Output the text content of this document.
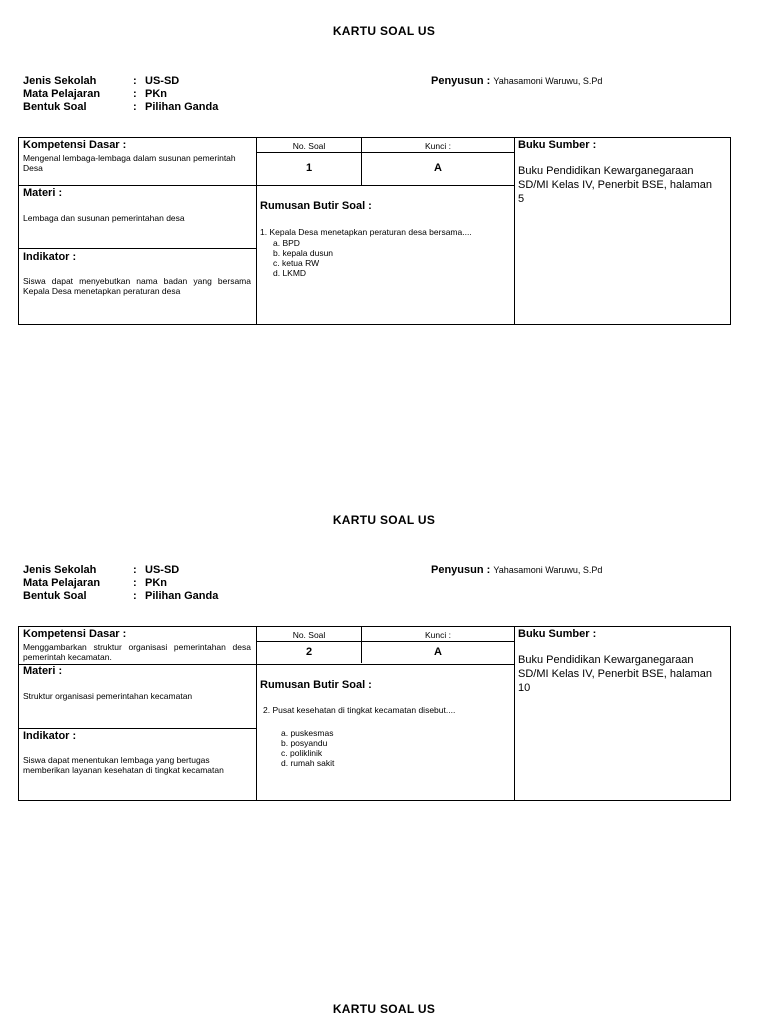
KARTU SOAL US
Jenis Sekolah	: US-SD
Mata Pelajaran	: PKn
Bentuk Soal	: Pilihan Ganda
Penyusun : Yahasamoni Waruwu, S.Pd
Kompetensi Dasar :
Mengenal lembaga-lembaga dalam susunan pemerintah Desa
No. Soal	Kunci :
1	A
Buku Sumber :
Buku Pendidikan Kewarganegaraan SD/MI Kelas IV, Penerbit BSE, halaman 5
Materi :
Lembaga dan susunan pemerintahan desa
Indikator :
Siswa dapat menyebutkan nama badan yang bersama Kepala Desa menetapkan peraturan desa
Rumusan Butir Soal :
1. Kepala Desa menetapkan peraturan desa bersama....
a. BPD
b. kepala dusun
c. ketua RW
d. LKMD
KARTU SOAL US
Jenis Sekolah	: US-SD
Mata Pelajaran	: PKn
Bentuk Soal	: Pilihan Ganda
Penyusun : Yahasamoni Waruwu, S.Pd
Kompetensi Dasar :
Menggambarkan struktur organisasi pemerintahan desa pemerintah kecamatan.
No. Soal	Kunci :
2	A
Buku Sumber :
Buku Pendidikan Kewarganegaraan SD/MI Kelas IV, Penerbit BSE, halaman 10
Materi :
Struktur organisasi pemerintahan kecamatan
Indikator :
Siswa dapat menentukan lembaga yang bertugas memberikan layanan kesehatan di tingkat kecamatan
Rumusan Butir Soal :
2. Pusat kesehatan di tingkat kecamatan disebut....
a. puskesmas
b. posyandu
c. poliklinik
d. rumah sakit
KARTU SOAL US
